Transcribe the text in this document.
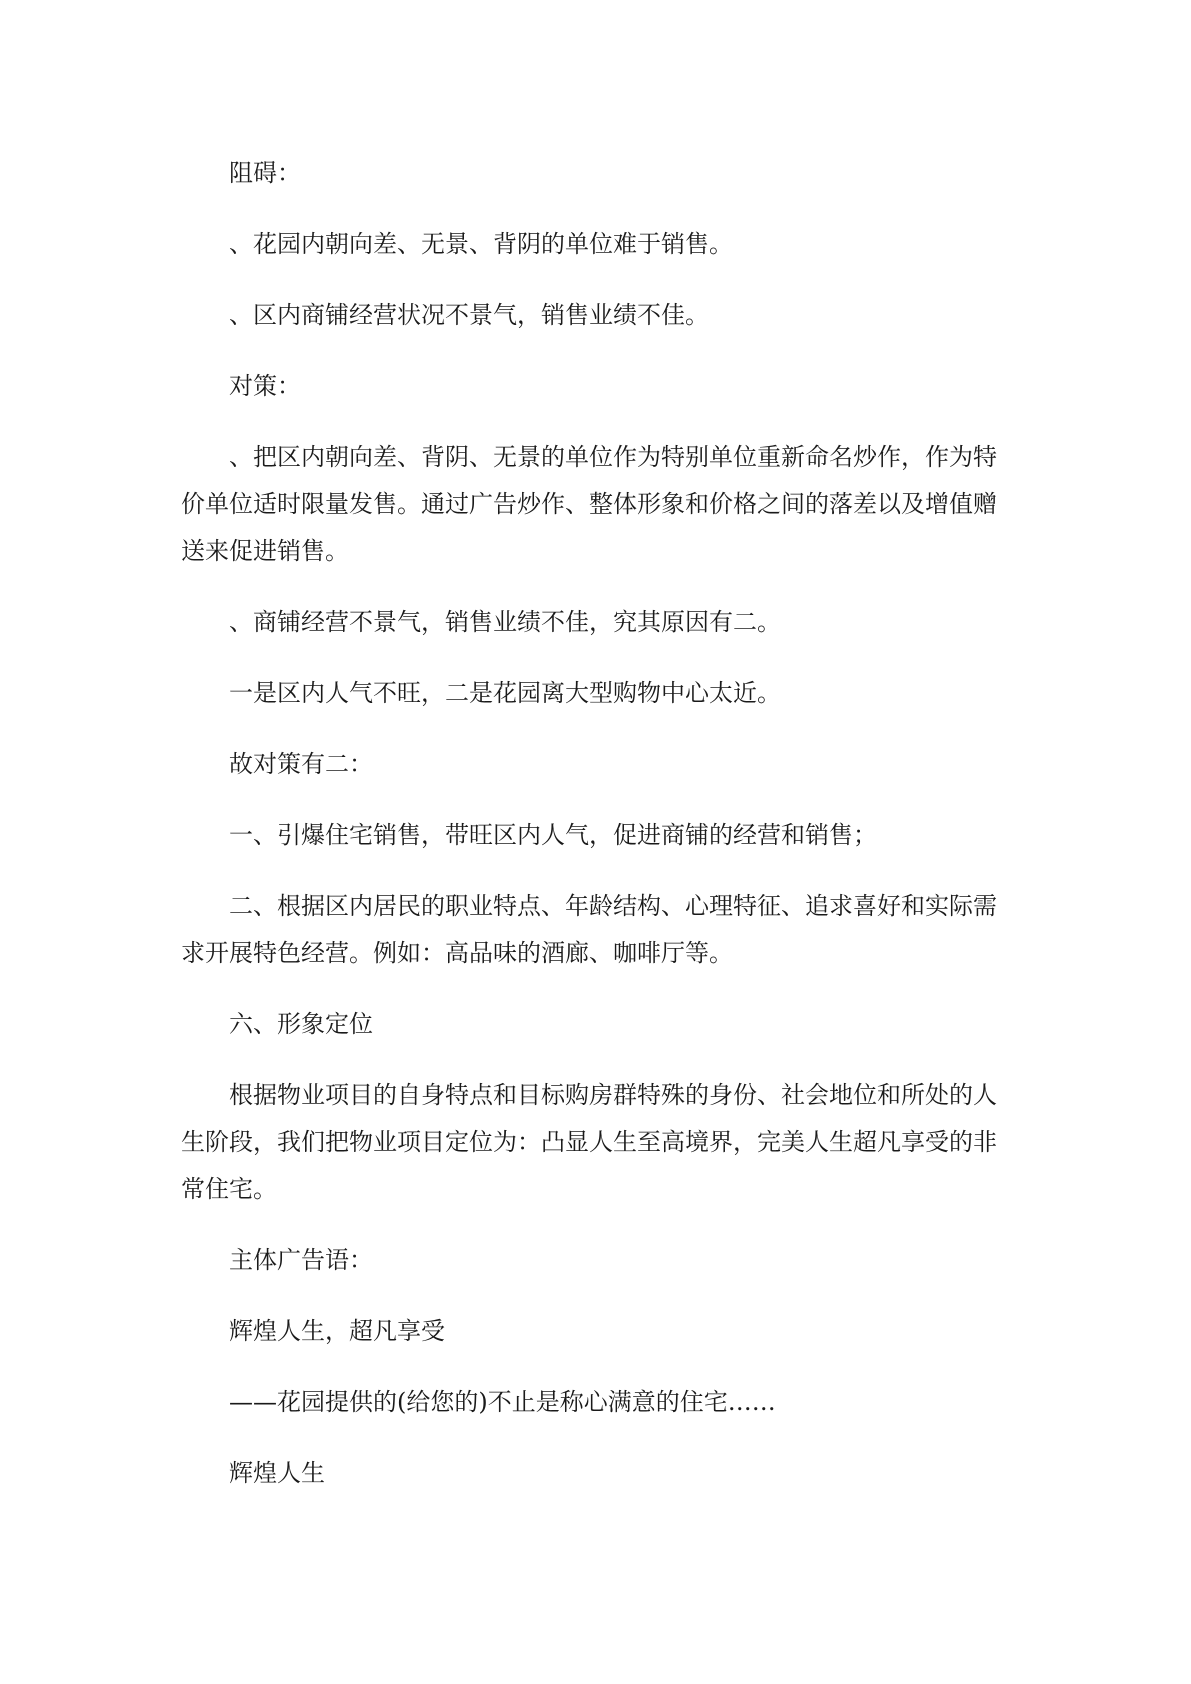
阻碍：

、花园内朝向差、无景、背阴的单位难于销售。

、区内商铺经营状况不景气，销售业绩不佳。

对策：

、把区内朝向差、背阴、无景的单位作为特别单位重新命名炒作，作为特价单位适时限量发售。通过广告炒作、整体形象和价格之间的落差以及增值赠送来促进销售。

、商铺经营不景气，销售业绩不佳，究其原因有二。

一是区内人气不旺，二是花园离大型购物中心太近。

故对策有二：

一、引爆住宅销售，带旺区内人气，促进商铺的经营和销售；

二、根据区内居民的职业特点、年龄结构、心理特征、追求喜好和实际需求开展特色经营。例如：高品味的酒廊、咖啡厅等。

六、形象定位

根据物业项目的自身特点和目标购房群特殊的身份、社会地位和所处的人生阶段，我们把物业项目定位为：凸显人生至高境界，完美人生超凡享受的非常住宅。

主体广告语：

辉煌人生，超凡享受

——花园提供的(给您的)不止是称心满意的住宅……

辉煌人生
